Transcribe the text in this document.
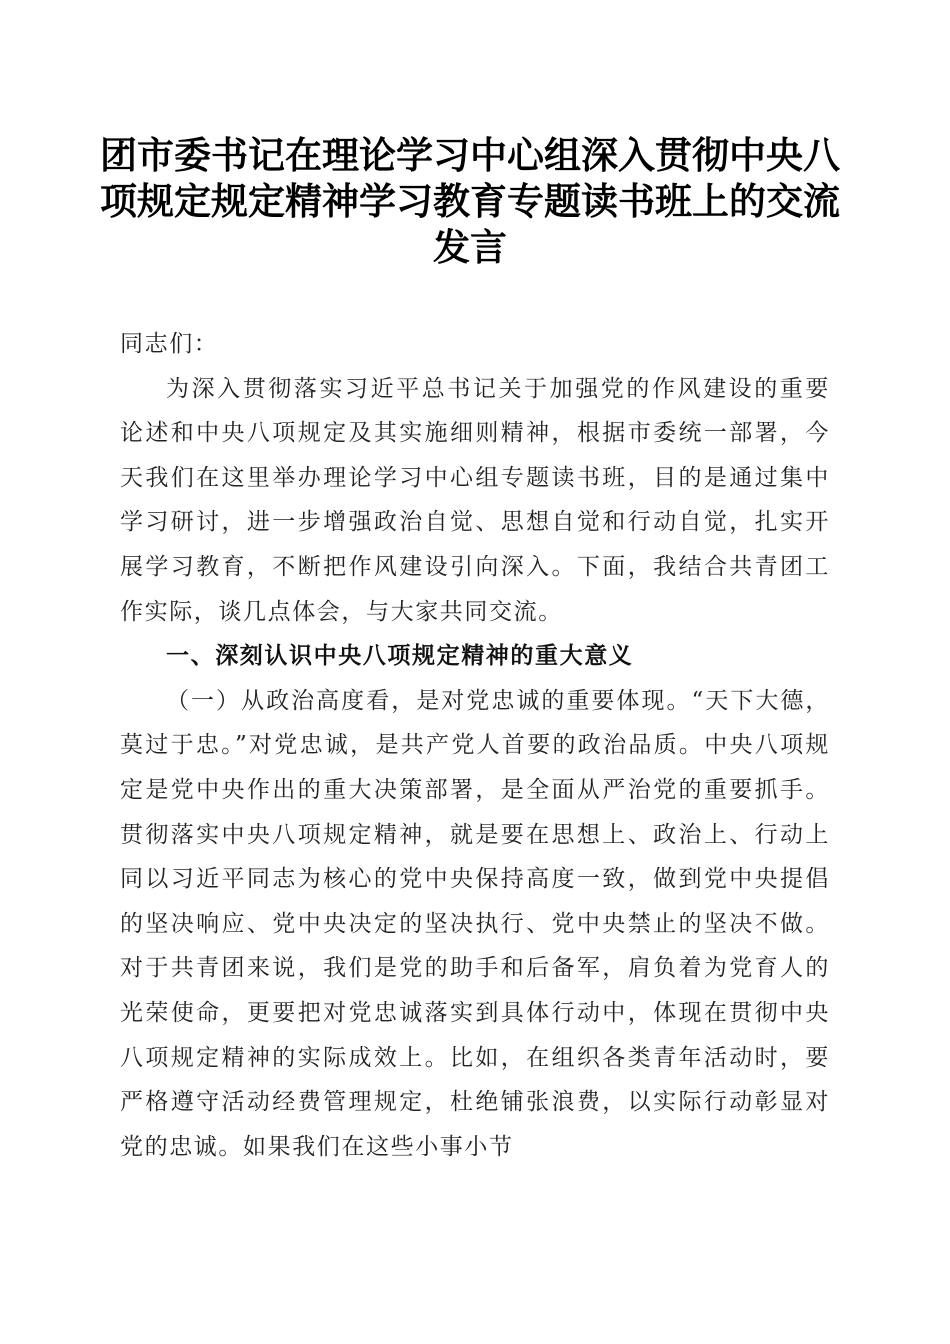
团市委书记在理论学习中心组深入贯彻中央八项规定规定精神学习教育专题读书班上的交流发言

同志们：

为深入贯彻落实习近平总书记关于加强党的作风建设的重要论述和中央八项规定及其实施细则精神，根据市委统一部署，今天我们在这里举办理论学习中心组专题读书班，目的是通过集中学习研讨，进一步增强政治自觉、思想自觉和行动自觉，扎实开展学习教育，不断把作风建设引向深入。下面，我结合共青团工作实际，谈几点体会，与大家共同交流。

一、深刻认识中央八项规定精神的重大意义

（一）从政治高度看，是对党忠诚的重要体现。“天下大德，莫过于忠。”对党忠诚，是共产党人首要的政治品质。中央八项规定是党中央作出的重大决策部署，是全面从严治党的重要抓手。贯彻落实中央八项规定精神，就是要在思想上、政治上、行动上同以习近平同志为核心的党中央保持高度一致，做到党中央提倡的坚决响应、党中央决定的坚决执行、党中央禁止的坚决不做。对于共青团来说，我们是党的助手和后备军，肩负着为党育人的光荣使命，更要把对党忠诚落实到具体行动中，体现在贯彻中央八项规定精神的实际成效上。比如，在组织各类青年活动时，要严格遵守活动经费管理规定，杜绝铺张浪费，以实际行动彰显对党的忠诚。如果我们在这些小事小节
